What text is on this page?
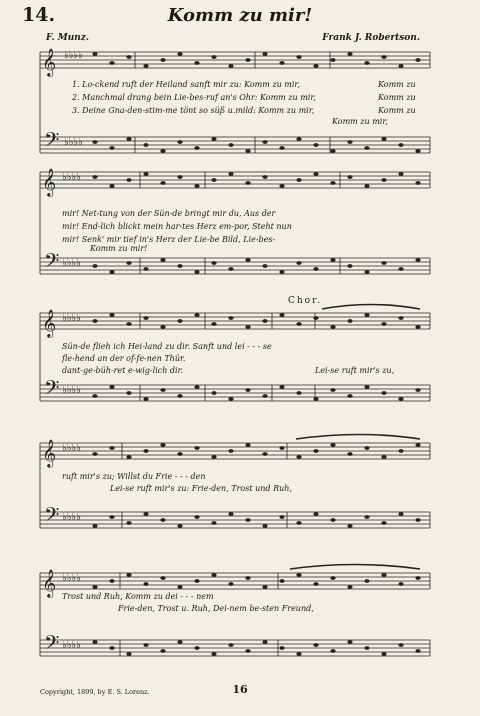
14.	Komm zu mir!
F. Munz.	Frank J. Robertson.
𝄞
𝄢
♭♭♭♭
♭♭♭♭
𝄞
𝄢
♭♭♭♭
♭♭♭♭
𝄞
𝄢
♭♭♭♭
♭♭♭♭
𝄞
𝄢
♭♭♭♭
♭♭♭♭
𝄞
𝄢
♭♭♭♭
♭♭♭♭
1. Lo-ckend ruft der Heiland sanft mir zu: Komm zu mir,	Komm zu
2. Manchmal drang bein Lie-bes-ruf an's Ohr: Komm zu mir,	Komm zu
3. Deine Gna-den-stim-me tönt so süß u.mild: Komm zu mir,	Komm zu
Komm zu mir,
mir! Net-tung von der Sün-de bringt mir du, Aus der
mir! End-lich blickt mein har-tes Herz em-por, Steht nun
mir! Senk' mir tief in's Herz der Lie-be Bild, Lie-bes-
Komm zu mir!
Chor.
Sün-de flieh ich Hei-land zu dir. Sanft und lei - - - se
fle-hend an der of-fe-nen Thür.
dant-ge-büh-ret e-wig-lich dir.	Lei-se ruft mir's zu,
ruft mir's zu; Willst du Frie - - - den
Lei-se ruft mir's zu: Frie-den, Trost und Ruh,
Trost und Ruh, Komm zu dei - - - nem
Frie-den, Trost u. Ruh, Dei-nem be-sten Freund,
Copyright, 1899, by E. S. Lorenz.	16
